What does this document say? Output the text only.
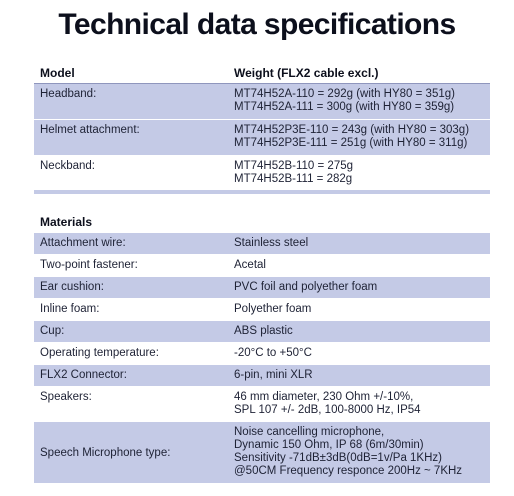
Technical data specifications
Model	Weight (FLX2 cable excl.)
Headband:	MT74H52A-110 = 292g (with HY80 = 351g)
MT74H52A-111 = 300g (with HY80 = 359g)
Helmet attachment:	MT74H52P3E-110 = 243g (with HY80 = 303g)
MT74H52P3E-111 = 251g (with HY80 = 311g)
Neckband:	MT74H52B-110 = 275g
MT74H52B-111 = 282g
Materials
Attachment wire:	Stainless steel
Two-point fastener:	Acetal
Ear cushion:	PVC foil and polyether foam
Inline foam:	Polyether foam
Cup:	ABS plastic
Operating temperature:	-20°C to +50°C
FLX2 Connector:	6-pin, mini XLR
Speakers:	46 mm diameter, 230 Ohm +/-10%,
SPL 107 +/- 2dB, 100-8000 Hz, IP54
Speech Microphone type:
Noise cancelling microphone,
Dynamic 150 Ohm, IP 68 (6m/30min)
Sensitivity -71dB±3dB(0dB=1v/Pa 1KHz)
@50CM Frequency responce 200Hz ~ 7KHz
